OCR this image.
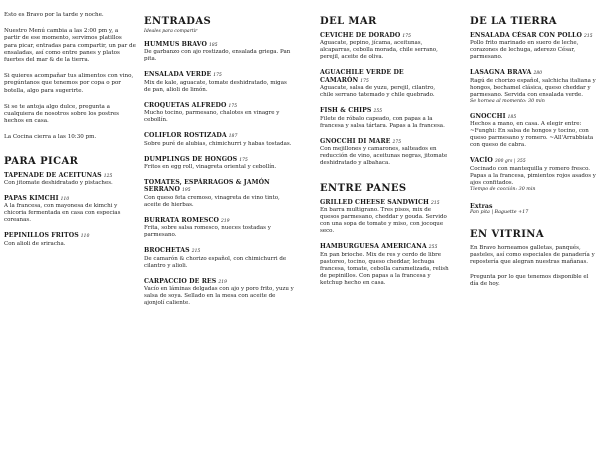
Esto es Bravo por la tarde y noche.

Nuestro Menú cambia a las 2:00 pm y, a partir de ese momento, servimos platillos para picar, entradas para compartir, un par de ensaladas, así como entre panes y platos fuertes del mar & de la tierra.

Si quieres acompañar tus alimentos con vino, pregúntanos que tenemos por copa o por botella, algo para sugerirte.

Si se te antoja algo dulce, pregunta a cualquiera de nosotros sobre los postres hechos en casa.

La Cocina cierra a las 10:30 pm.

PARA PICAR
TAPENADE DE ACEITUNAS 125
Con jitomate deshidratado y pistaches.
PAPAS KIMCHI 110
A la francesa, con mayonesa de kimchi y chicoria fermentada en casa con especias coreanas.
PEPINILLOS FRITOS 110
Con alioli de sriracha.
ENTRADAS
Ideales para compartir
HUMMUS BRAVO 185
De garbanzo con ajo rostizado, ensalada griega. Pan pita.
ENSALADA VERDE 175
Mix de kale, aguacate, tomate deshidratado, migas de pan, alioli de limón.
CROQUETAS ALFREDO 175
Mucho tocino, parmesano, chalotes en vinagre y cebollín.
COLIFLOR ROSTIZADA 187
Sobre puré de alubias, chimichurri y habas tostadas.
DUMPLINGS DE HONGOS 175
Fritos en egg roll, vinagreta oriental y cebollín.
TOMATES, ESPÁRRAGOS & JAMÓN SERRANO 195
Con queso feta cremoso, vinagreta de vino tinto, aceite de hierbas.
BURRATA ROMESCO 219
Frita, sobre salsa romesco, nueces tostadas y parmesano.
BROCHETAS 215
De camarón & chorizo español, con chimichurri de cilantro y alioli.
CARPACCIO DE RES 219
Vacío en láminas delgadas con ajo y poro frito, yuzu y salsa de soya. Sellado en la mesa con aceite de ajonjolí caliente.
DEL MAR
CEVICHE DE DORADO 175
Aguacate, pepino, jícama, aceitunas, alcaparras, cebolla morada, chile serrano, perejil, aceite de oliva.
AGUACHILE VERDE DE CAMARÓN 175
Aguacate, salsa de yuzu, perejil, cilantro, chile serrano tatemado y chile quebrado.
FISH & CHIPS 255
Filete de róbalo capeado, con papas a la francesa y salsa tártara. Papas a la francesa.
GNOCCHI DI MARE 275
Con mejillones y camarones, salteados en reducción de vino, aceitunas negras, jitomate deshidratado y albahaca.
ENTRE PANES
GRILLED CHEESE SANDWICH 215
En barra multigrano. Tres pisos, mix de quesos parmesano, cheddar y gouda. Servido con una sopa de tomate y miso, con jocoque seco.
HAMBURGUESA AMERICANA 255
En pan brioche. Mix de res y cerdo de libre pastoreo, tocino, queso cheddar, lechuga francesa, tomate, cebolla caramelizada, relish de pepinillos. Con papas a la francesa y ketchup hecho en casa.
DE LA TIERRA
ENSALADA CÉSAR CON POLLO 215
Pollo frito marinado en suero de leche, corazones de lechuga, aderezo César, parmesano.
LASAGNA BRAVA 280
Ragú de chorizo español, salchicha italiana y hongos, bechamel clásica, queso cheddar y parmesano. Servida con ensalada verde.
Se hornea al momento: 30 min
GNOCCHI 185
Hechos a mano, en casa. A elegir entre: ~Funghi: En salsa de hongos y tocino, con queso parmesano y romero. ~All'Arrabbiata con queso de cabra.
VACÍO 300 grs | 355
Cocinado con mantequilla y romero fresco. Papas a la francesa, pimientos rojos asados y ajos confitados.
Tiempo de cocción: 30 min
Extras
Pan pita | Baguette +17
EN VITRINA
En Bravo horneamos galletas, panqués, pasteles, así como especiales de panadería y repostería que alegran nuestras mañanas.
Pregunta por lo que tenemos disponible el día de hoy.
